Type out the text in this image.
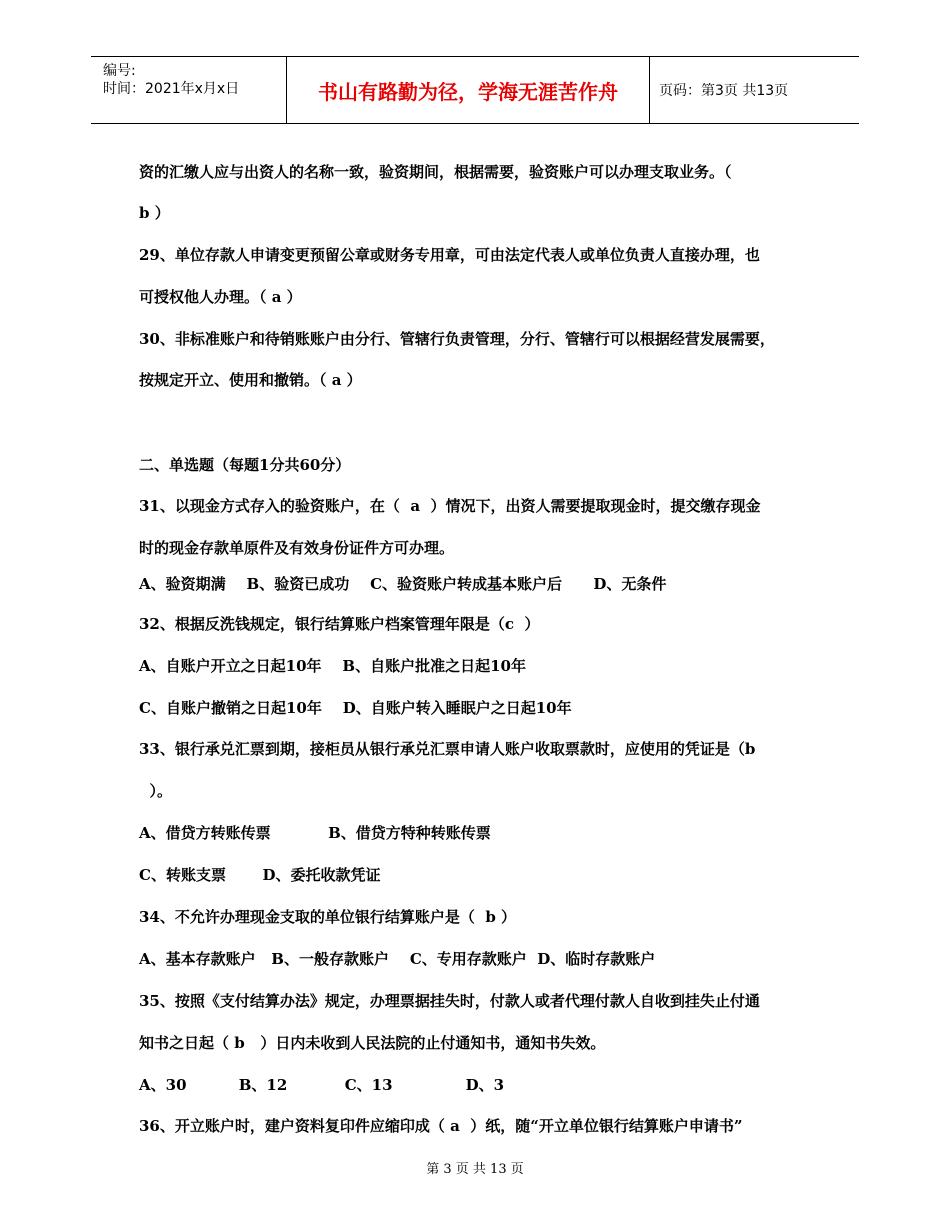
编号:
时间：2021年x月x日	书山有路勤为径，学海无涯苦作舟	页码：第3页 共13页
资的汇缴人应与出资人的名称一致，验资期间，根据需要，验资账户可以办理支取业务。（
b ）
29、单位存款人申请变更预留公章或财务专用章，可由法定代表人或单位负责人直接办理，也
可授权他人办理。（ a ）
30、非标准账户和待销账账户由分行、管辖行负责管理，分行、管辖行可以根据经营发展需要，
按规定开立、使用和撤销。（ a ）
二、单选题（每题1分共60分）
31、以现金方式存入的验资账户，在（  a  ）情况下，出资人需要提取现金时，提交缴存现金
时的现金存款单原件及有效身份证件方可办理。
A、验资期满    B、验资已成功    C、验资账户转成基本账户后      D、无条件
32、根据反洗钱规定，银行结算账户档案管理年限是（c  ）
A、自账户开立之日起10年    B、自账户批准之日起10年
C、自账户撤销之日起10年    D、自账户转入睡眠户之日起10年
33、银行承兑汇票到期，接柜员从银行承兑汇票申请人账户收取票款时，应使用的凭证是（b
）。
A、借贷方转账传票           B、借贷方特种转账传票
C、转账支票       D、委托收款凭证
34、不允许办理现金支取的单位银行结算账户是（  b ）
A、基本存款账户   B、一般存款账户    C、专用存款账户  D、临时存款账户
35、按照《支付结算办法》规定，办理票据挂失时，付款人或者代理付款人自收到挂失止付通
知书之日起（ b   ）日内未收到人民法院的止付通知书，通知书失效。
A、30          B、12           C、13              D、3
36、开立账户时，建户资料复印件应缩印成（ a  ）纸，随“开立单位银行结算账户申请书”
第 3 页 共 13 页
